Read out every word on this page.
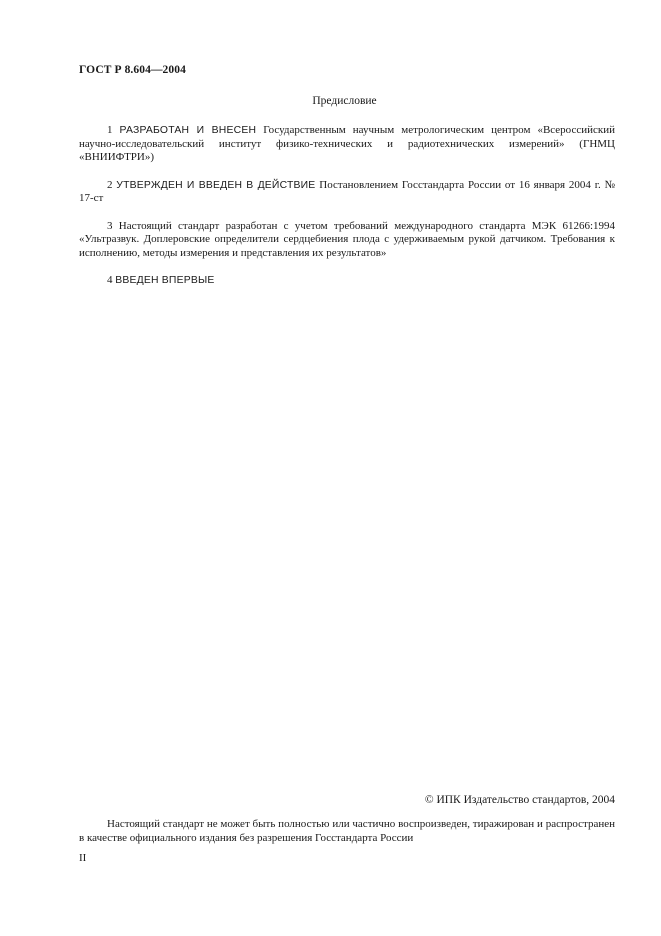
ГОСТ Р 8.604—2004
Предисловие

1 РАЗРАБОТАН И ВНЕСЕН Государственным научным метрологическим центром «Всероссийский научно-исследовательский институт физико-технических и радиотехнических измерений» (ГНМЦ «ВНИИФТРИ»)

2 УТВЕРЖДЕН И ВВЕДЕН В ДЕЙСТВИЕ Постановлением Госстандарта России от 16 января 2004 г. № 17-ст

3 Настоящий стандарт разработан с учетом требований международного стандарта МЭК 61266:1994 «Ультразвук. Доплеровские определители сердцебиения плода с удерживаемым рукой датчиком. Требования к исполнению, методы измерения и представления их результатов»

4 ВВЕДЕН ВПЕРВЫЕ

© ИПК Издательство стандартов, 2004

Настоящий стандарт не может быть полностью или частично воспроизведен, тиражирован и распространен в качестве официального издания без разрешения Госстандарта России

II
